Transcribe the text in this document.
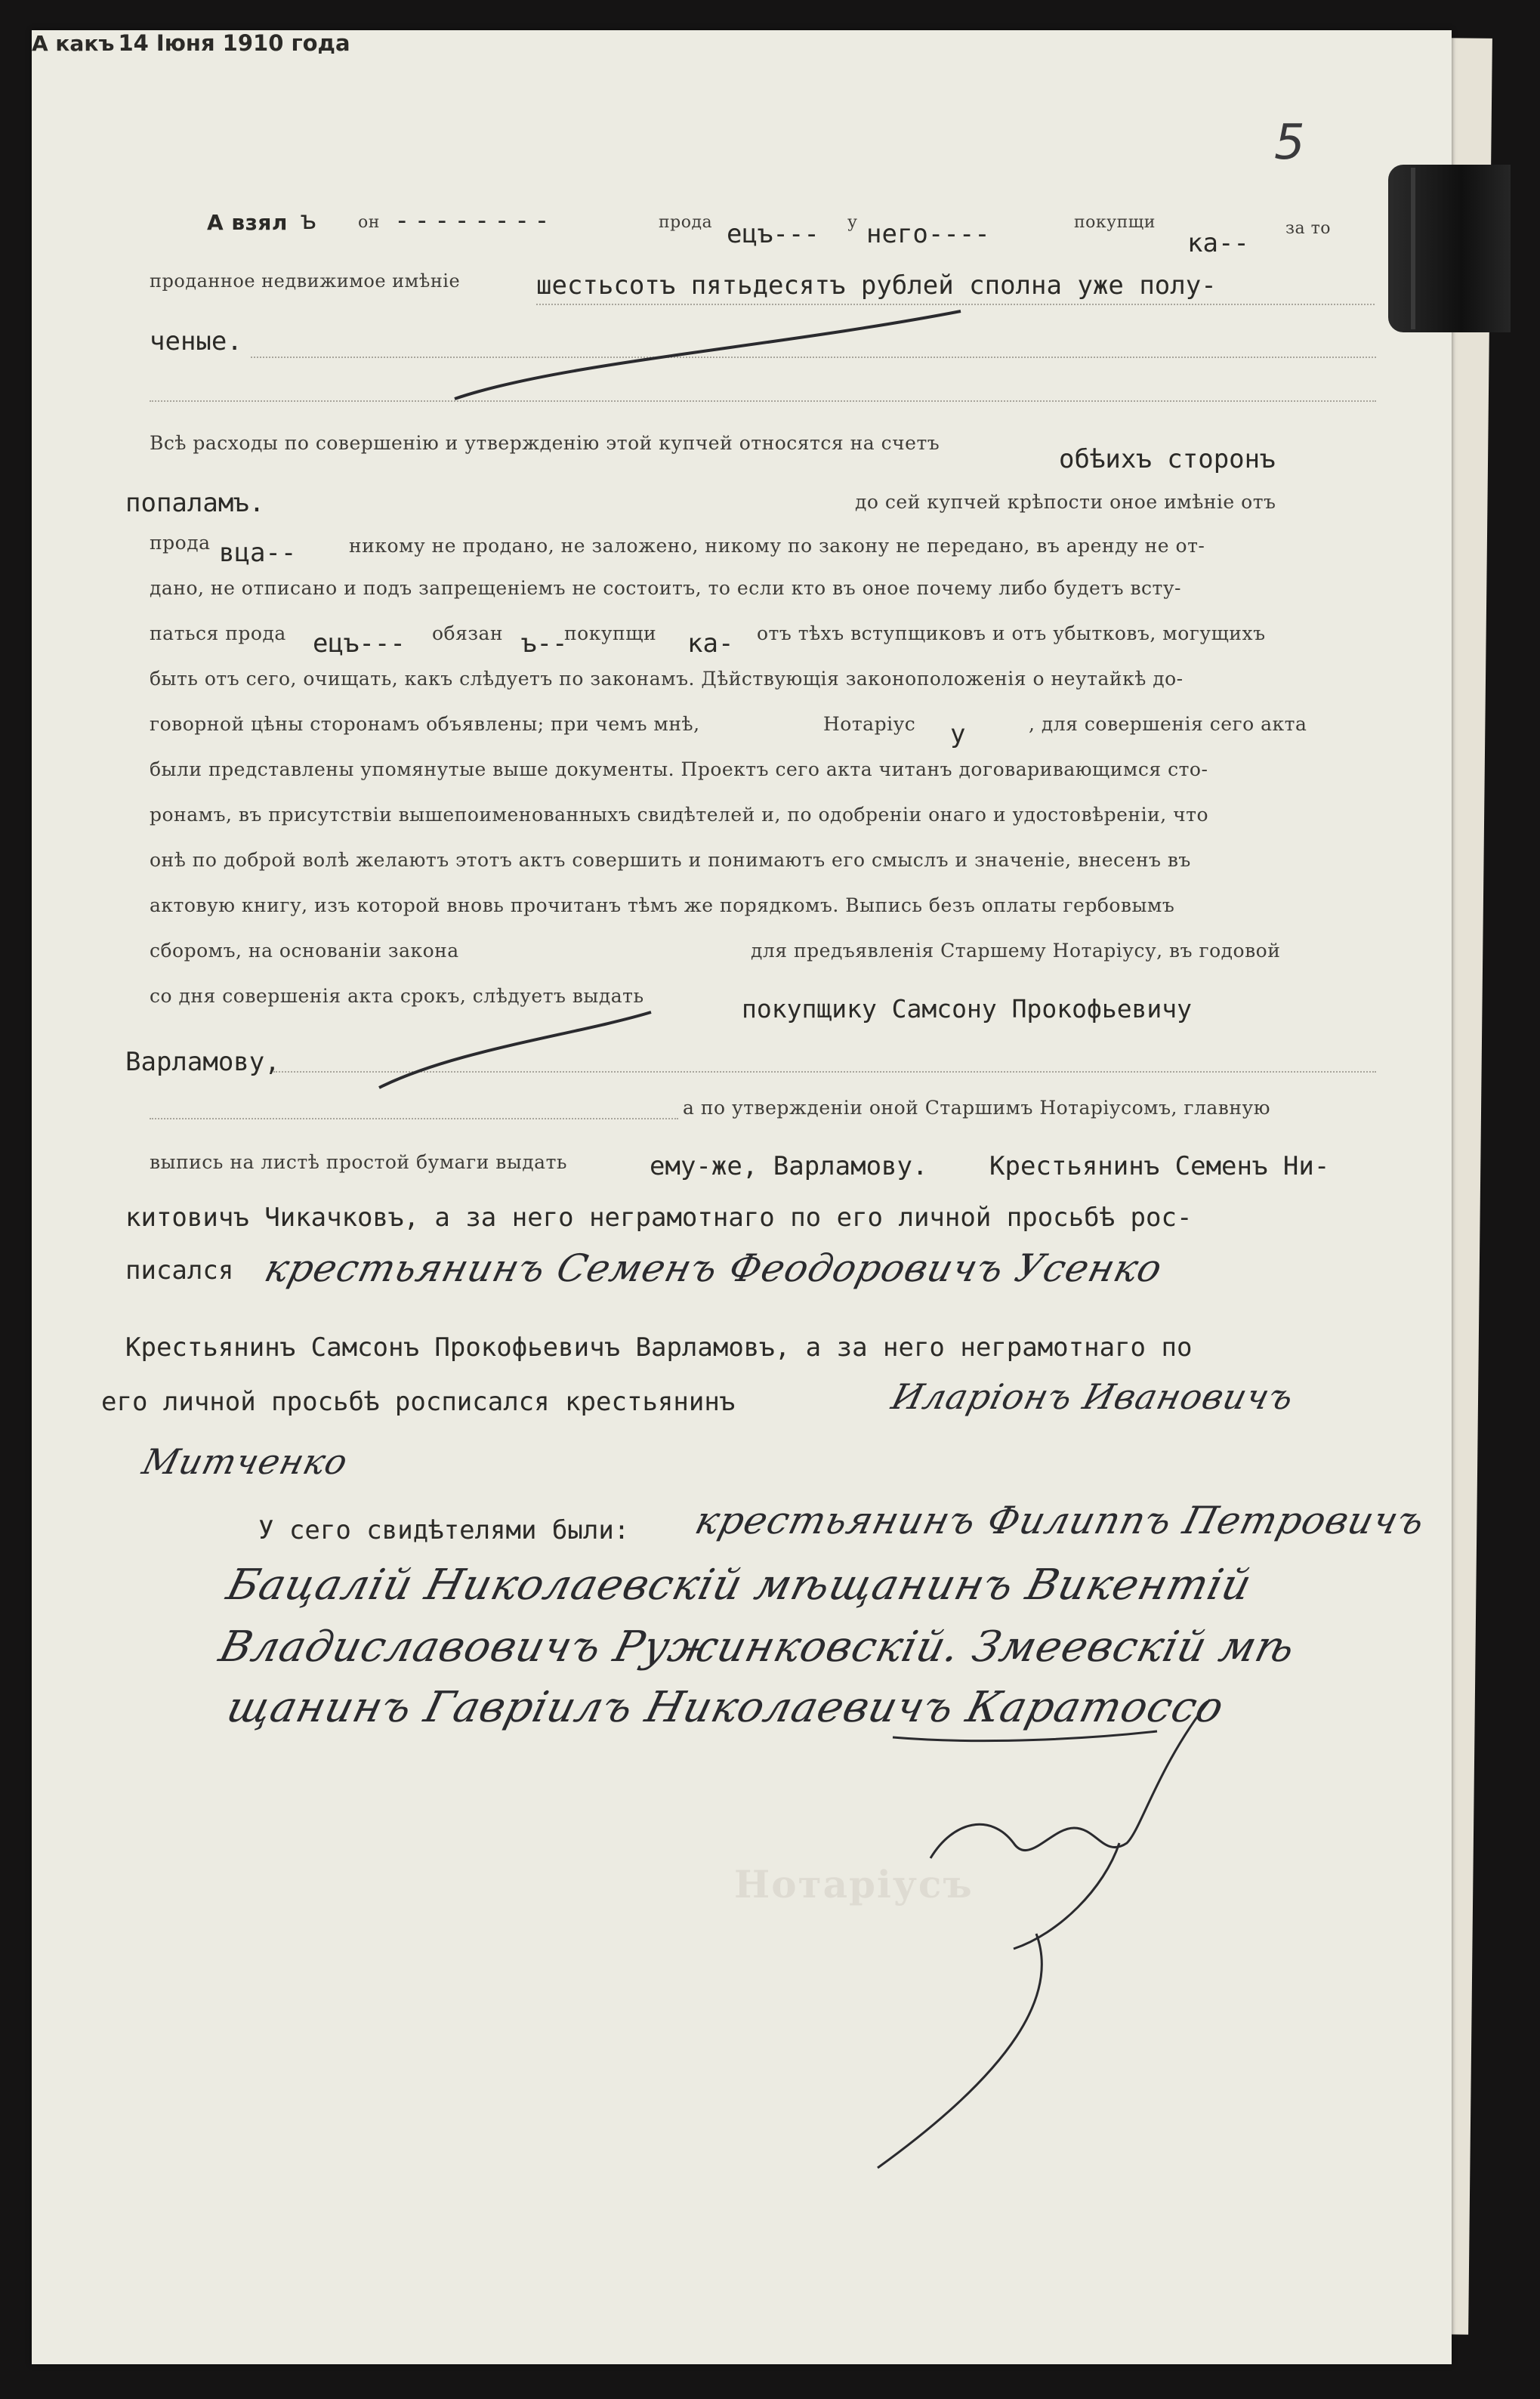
5
А взял ъ	он --------	прода ецъ--- у него----	покупщи
ка-- за то
проданное недвижимое имѣніе	шестьсотъ пятьдесятъ рублей сполна уже полу-
ченые.
Всѣ расходы по совершенію и утвержденію этой купчей относятся на счетъ
обѣихъ сторонъ
попаламъ.
А какъ
до сей купчей крѣпости оное имѣніе отъ
прода вца--	никому не продано, не заложено, никому по закону не передано, въ аренду не от-
дано, не отписано и подъ запрещеніемъ не состоитъ, то если кто въ оное почему либо будетъ всту-
паться прода ецъ--- обязан ъ--
покупщи ка- отъ тѣхъ вступщиковъ и отъ убытковъ, могущихъ
быть отъ сего, очищать, какъ слѣдуетъ по законамъ. Дѣйствующія законоположенія о неутайкѣ до-
говорной цѣны сторонамъ объявлены; при чемъ мнѣ,	Нотаріус у	, для совершенія сего акта
были представлены упомянутые выше документы. Проектъ сего акта читанъ договаривающимся сто-
ронамъ, въ присутствіи вышепоименованныхъ свидѣтелей и, по одобреніи онаго и удостовѣреніи, что
онѣ по доброй волѣ желаютъ этотъ актъ совершить и понимаютъ его смыслъ и значеніе, внесенъ въ
актовую книгу, изъ которой вновь прочитанъ тѣмъ же порядкомъ. Выпись безъ оплаты гербовымъ
сборомъ, на основаніи закона
14 Іюня 1910 года
для предъявленія Старшему Нотаріусу, въ годовой
со дня совершенія акта срокъ, слѣдуетъ выдать	покупщику Самсону Прокофьевичу
Варламову,
а по утвержденіи оной Старшимъ Нотаріусомъ, главную
выпись на листѣ простой бумаги выдать	ему-же, Варламову. Крестьянинъ Семенъ Ни-
китовичъ Чикачковъ, а за него неграмотнаго по его личной просьбѣ рос-
писался крестьянинъ Семенъ Феодоровичъ Усенко
Крестьянинъ Самсонъ Прокофьевичъ Варламовъ, а за него неграмотнаго по
его личной просьбѣ росписался крестьянинъ	Иларіонъ Ивановичъ
Митченко
У сего свидѣтелями были: крестьянинъ Филиппъ Петровичъ
Бацалій Николаевскій мѣщанинъ Викентій
Владиславовичъ Ружинковскій. Змеевскій мѣ
щанинъ Гавріилъ Николаевичъ Каратоссо
Нотаріусъ
